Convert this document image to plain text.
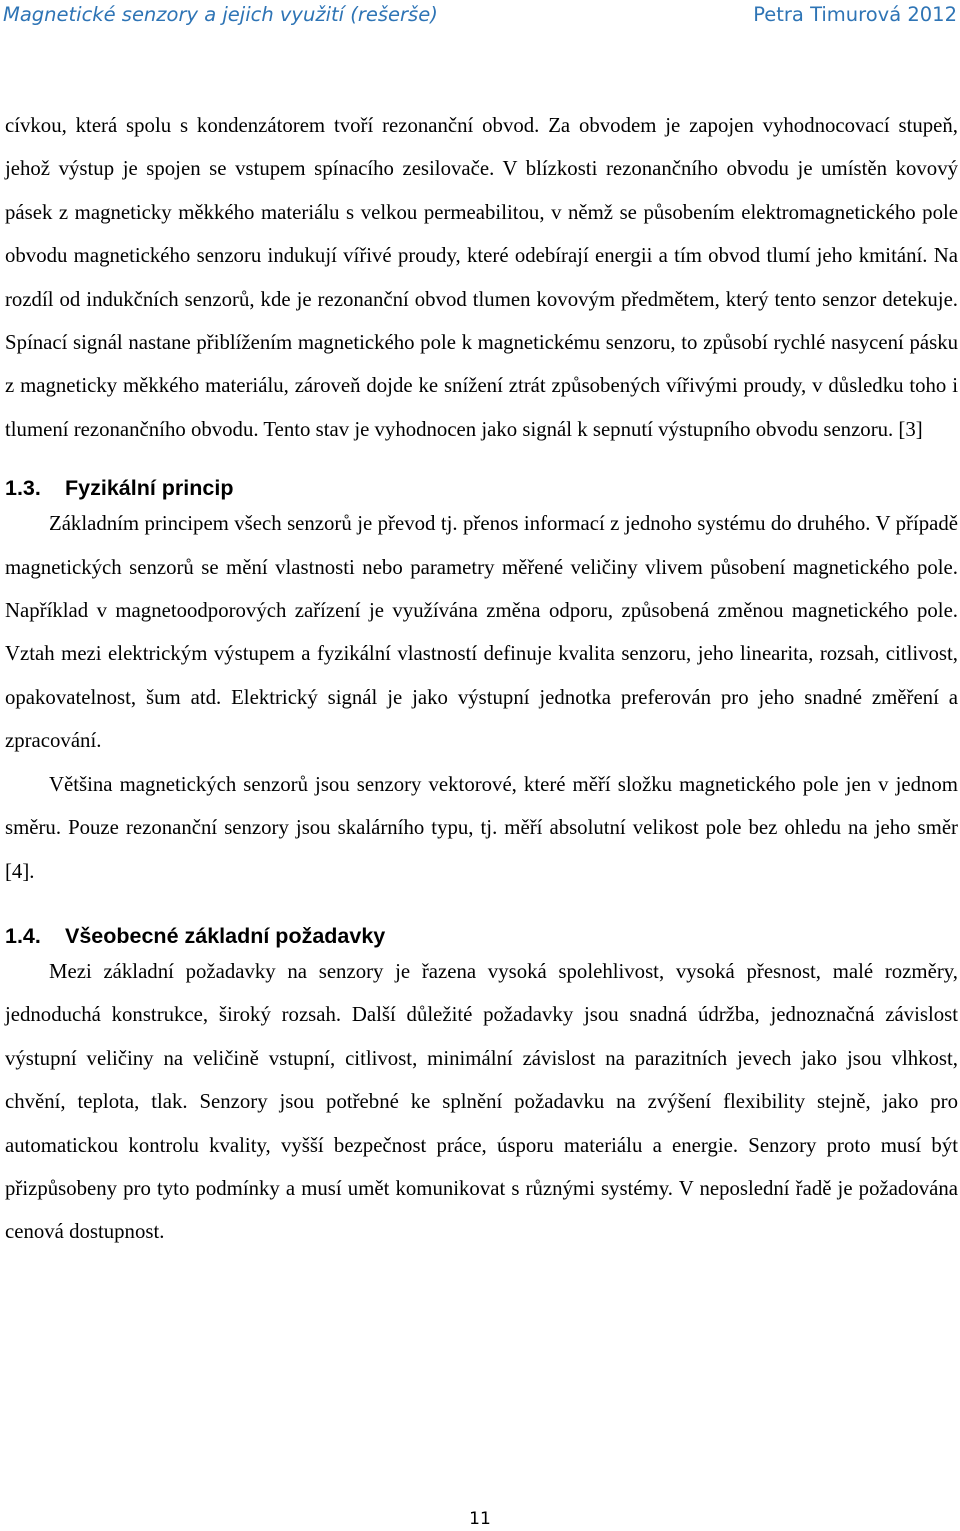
Magnetické senzory a jejich využití (rešerše)	Petra Timurová 2012

cívkou, která spolu s kondenzátorem tvoří rezonanční obvod. Za obvodem je zapojen vyhodnocovací stupeň, jehož výstup je spojen se vstupem spínacího zesilovače. V blízkosti rezonančního obvodu je umístěn kovový pásek z magneticky měkkého materiálu s velkou permeabilitou, v němž se působením elektromagnetického pole obvodu magnetického senzoru indukují vířivé proudy, které odebírají energii a tím obvod tlumí jeho kmitání. Na rozdíl od indukčních senzorů, kde je rezonanční obvod tlumen kovovým předmětem, který tento senzor detekuje. Spínací signál nastane přiblížením magnetického pole k magnetickému senzoru, to způsobí rychlé nasycení pásku z magneticky měkkého materiálu, zároveň dojde ke snížení ztrát způsobených vířivými proudy, v důsledku toho i tlumení rezonančního obvodu. Tento stav je vyhodnocen jako signál k sepnutí výstupního obvodu senzoru. [3]

1.3.	Fyzikální princip

Základním principem všech senzorů je převod tj. přenos informací z jednoho systému do druhého. V případě magnetických senzorů se mění vlastnosti nebo parametry měřené veličiny vlivem působení magnetického pole. Například v magnetoodporových zařízení je využívána změna odporu, způsobená změnou magnetického pole. Vztah mezi elektrickým výstupem a fyzikální vlastností definuje kvalita senzoru, jeho linearita, rozsah, citlivost, opakovatelnost, šum atd. Elektrický signál je jako výstupní jednotka preferován pro jeho snadné změření a zpracování.

Většina magnetických senzorů jsou senzory vektorové, které měří složku magnetického pole jen v jednom směru. Pouze rezonanční senzory jsou skalárního typu, tj. měří absolutní velikost pole bez ohledu na jeho směr [4].

1.4.	Všeobecné základní požadavky

Mezi základní požadavky na senzory je řazena vysoká spolehlivost, vysoká přesnost, malé rozměry, jednoduchá konstrukce, široký rozsah. Další důležité požadavky jsou snadná údržba, jednoznačná závislost výstupní veličiny na veličině vstupní, citlivost, minimální závislost na parazitních jevech jako jsou vlhkost, chvění, teplota, tlak. Senzory jsou potřebné ke splnění požadavku na zvýšení flexibility stejně, jako pro automatickou kontrolu kvality, vyšší bezpečnost práce, úsporu materiálu a energie. Senzory proto musí být přizpůsobeny pro tyto podmínky a musí umět komunikovat s různými systémy. V neposlední řadě je požadována cenová dostupnost.

11
